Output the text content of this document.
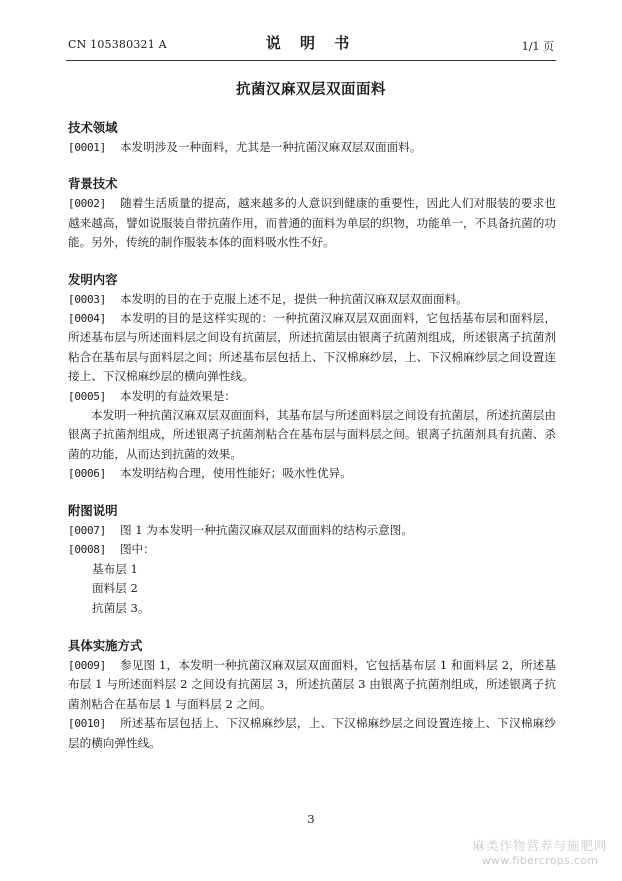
CN 105380321 A	说 明 书	1/1 页
抗菌汉麻双层双面面料

技术领域

[0001] 本发明涉及一种面料，尤其是一种抗菌汉麻双层双面面料。

背景技术

[0002] 随着生活质量的提高，越来越多的人意识到健康的重要性，因此人们对服装的要求也越来越高，譬如说服装自带抗菌作用，而普通的面料为单层的织物，功能单一，不具备抗菌的功能。另外，传统的制作服装本体的面料吸水性不好。

发明内容

[0003] 本发明的目的在于克服上述不足，提供一种抗菌汉麻双层双面面料。

[0004] 本发明的目的是这样实现的：一种抗菌汉麻双层双面面料，它包括基布层和面料层，所述基布层与所述面料层之间设有抗菌层，所述抗菌层由银离子抗菌剂组成，所述银离子抗菌剂粘合在基布层与面料层之间；所述基布层包括上、下汉棉麻纱层，上、下汉棉麻纱层之间设置连接上、下汉棉麻纱层的横向弹性线。

[0005] 本发明的有益效果是：

本发明一种抗菌汉麻双层双面面料，其基布层与所述面料层之间设有抗菌层，所述抗菌层由银离子抗菌剂组成，所述银离子抗菌剂粘合在基布层与面料层之间。银离子抗菌剂具有抗菌、杀菌的功能，从而达到抗菌的效果。

[0006] 本发明结构合理，使用性能好；吸水性优异。

附图说明

[0007] 图 1 为本发明一种抗菌汉麻双层双面面料的结构示意图。

[0008] 图中：

基布层 1
面料层 2
抗菌层 3。

具体实施方式

[0009] 参见图 1，本发明一种抗菌汉麻双层双面面料，它包括基布层 1 和面料层 2，所述基布层 1 与所述面料层 2 之间设有抗菌层 3，所述抗菌层 3 由银离子抗菌剂组成，所述银离子抗菌剂粘合在基布层 1 与面料层 2 之间。

[0010] 所述基布层包括上、下汉棉麻纱层，上、下汉棉麻纱层之间设置连接上、下汉棉麻纱层的横向弹性线。

3
麻类作物营养与施肥网
www.fibercrops.com
